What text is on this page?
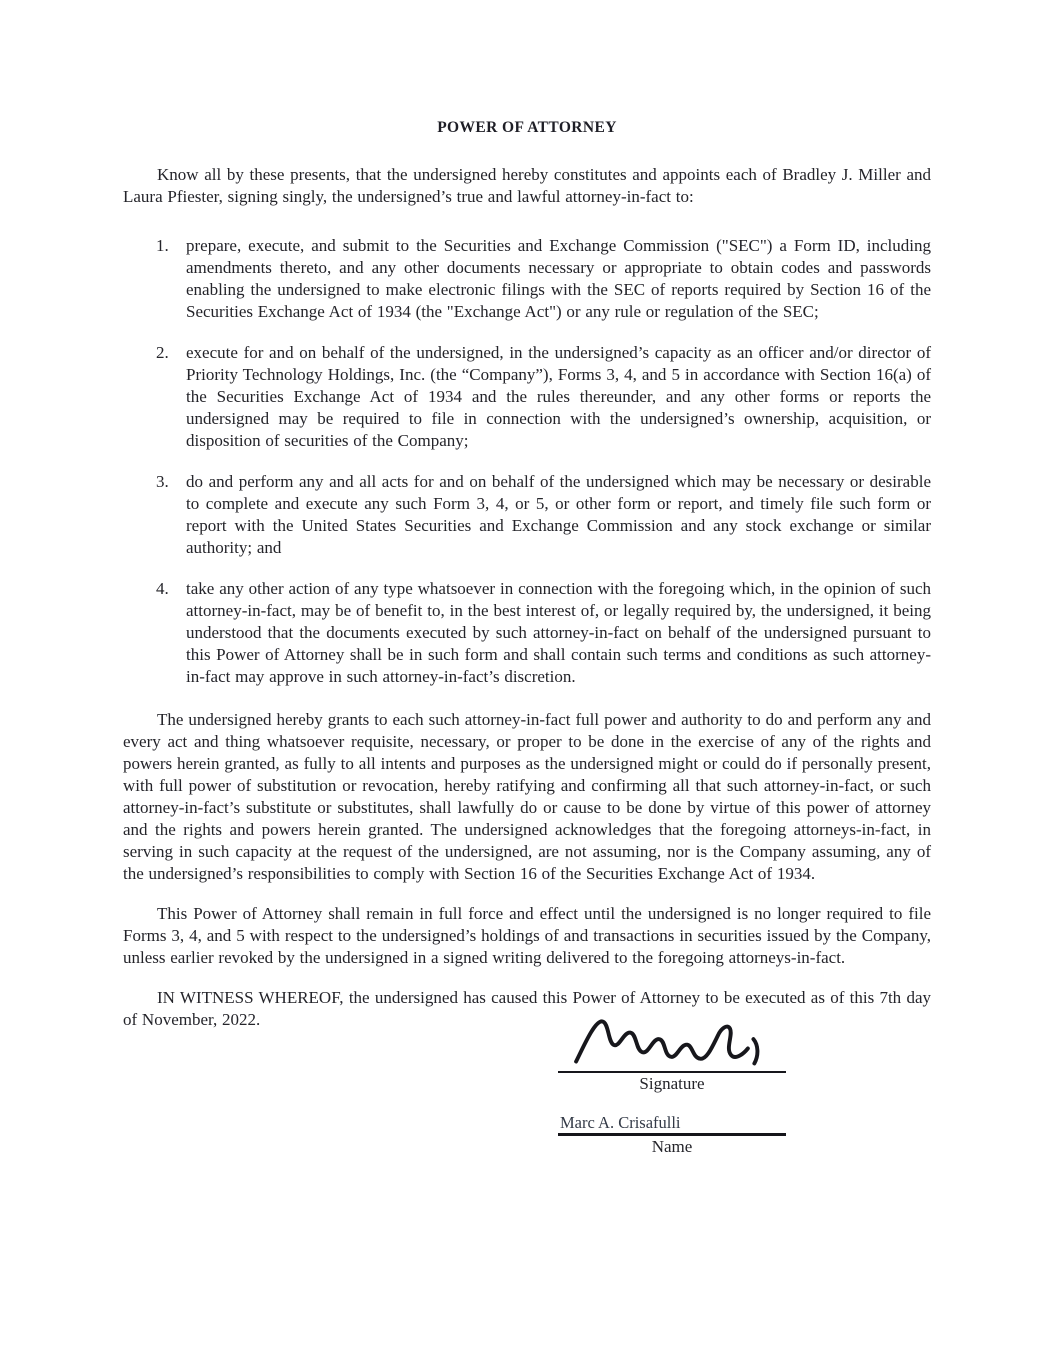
POWER OF ATTORNEY

Know all by these presents, that the undersigned hereby constitutes and appoints each of Bradley J. Miller and Laura Pfiester, signing singly, the undersigned’s true and lawful attorney-in-fact to:

1.	prepare, execute, and submit to the Securities and Exchange Commission ("SEC") a Form ID, including amendments thereto, and any other documents necessary or appropriate to obtain codes and passwords enabling the undersigned to make electronic filings with the SEC of reports required by Section 16 of the Securities Exchange Act of 1934 (the "Exchange Act") or any rule or regulation of the SEC;
2.	execute for and on behalf of the undersigned, in the undersigned’s capacity as an officer and/or director of Priority Technology Holdings, Inc. (the “Company”), Forms 3, 4, and 5 in accordance with Section 16(a) of the Securities Exchange Act of 1934 and the rules thereunder, and any other forms or reports the undersigned may be required to file in connection with the undersigned’s ownership, acquisition, or disposition of securities of the Company;
3.	do and perform any and all acts for and on behalf of the undersigned which may be necessary or desirable to complete and execute any such Form 3, 4, or 5, or other form or report, and timely file such form or report with the United States Securities and Exchange Commission and any stock exchange or similar authority; and
4.	take any other action of any type whatsoever in connection with the foregoing which, in the opinion of such attorney-in-fact, may be of benefit to, in the best interest of, or legally required by, the undersigned, it being understood that the documents executed by such attorney-in-fact on behalf of the undersigned pursuant to this Power of Attorney shall be in such form and shall contain such terms and conditions as such attorney-in-fact may approve in such attorney-in-fact’s discretion.

The undersigned hereby grants to each such attorney-in-fact full power and authority to do and perform any and every act and thing whatsoever requisite, necessary, or proper to be done in the exercise of any of the rights and powers herein granted, as fully to all intents and purposes as the undersigned might or could do if personally present, with full power of substitution or revocation, hereby ratifying and confirming all that such attorney-in-fact, or such attorney-in-fact’s substitute or substitutes, shall lawfully do or cause to be done by virtue of this power of attorney and the rights and powers herein granted. The undersigned acknowledges that the foregoing attorneys-in-fact, in serving in such capacity at the request of the undersigned, are not assuming, nor is the Company assuming, any of the undersigned’s responsibilities to comply with Section 16 of the Securities Exchange Act of 1934.

This Power of Attorney shall remain in full force and effect until the undersigned is no longer required to file Forms 3, 4, and 5 with respect to the undersigned’s holdings of and transactions in securities issued by the Company, unless earlier revoked by the undersigned in a signed writing delivered to the foregoing attorneys-in-fact.

IN WITNESS WHEREOF, the undersigned has caused this Power of Attorney to be executed as of this 7th day of November, 2022.

Signature
Marc A. Crisafulli
Name
